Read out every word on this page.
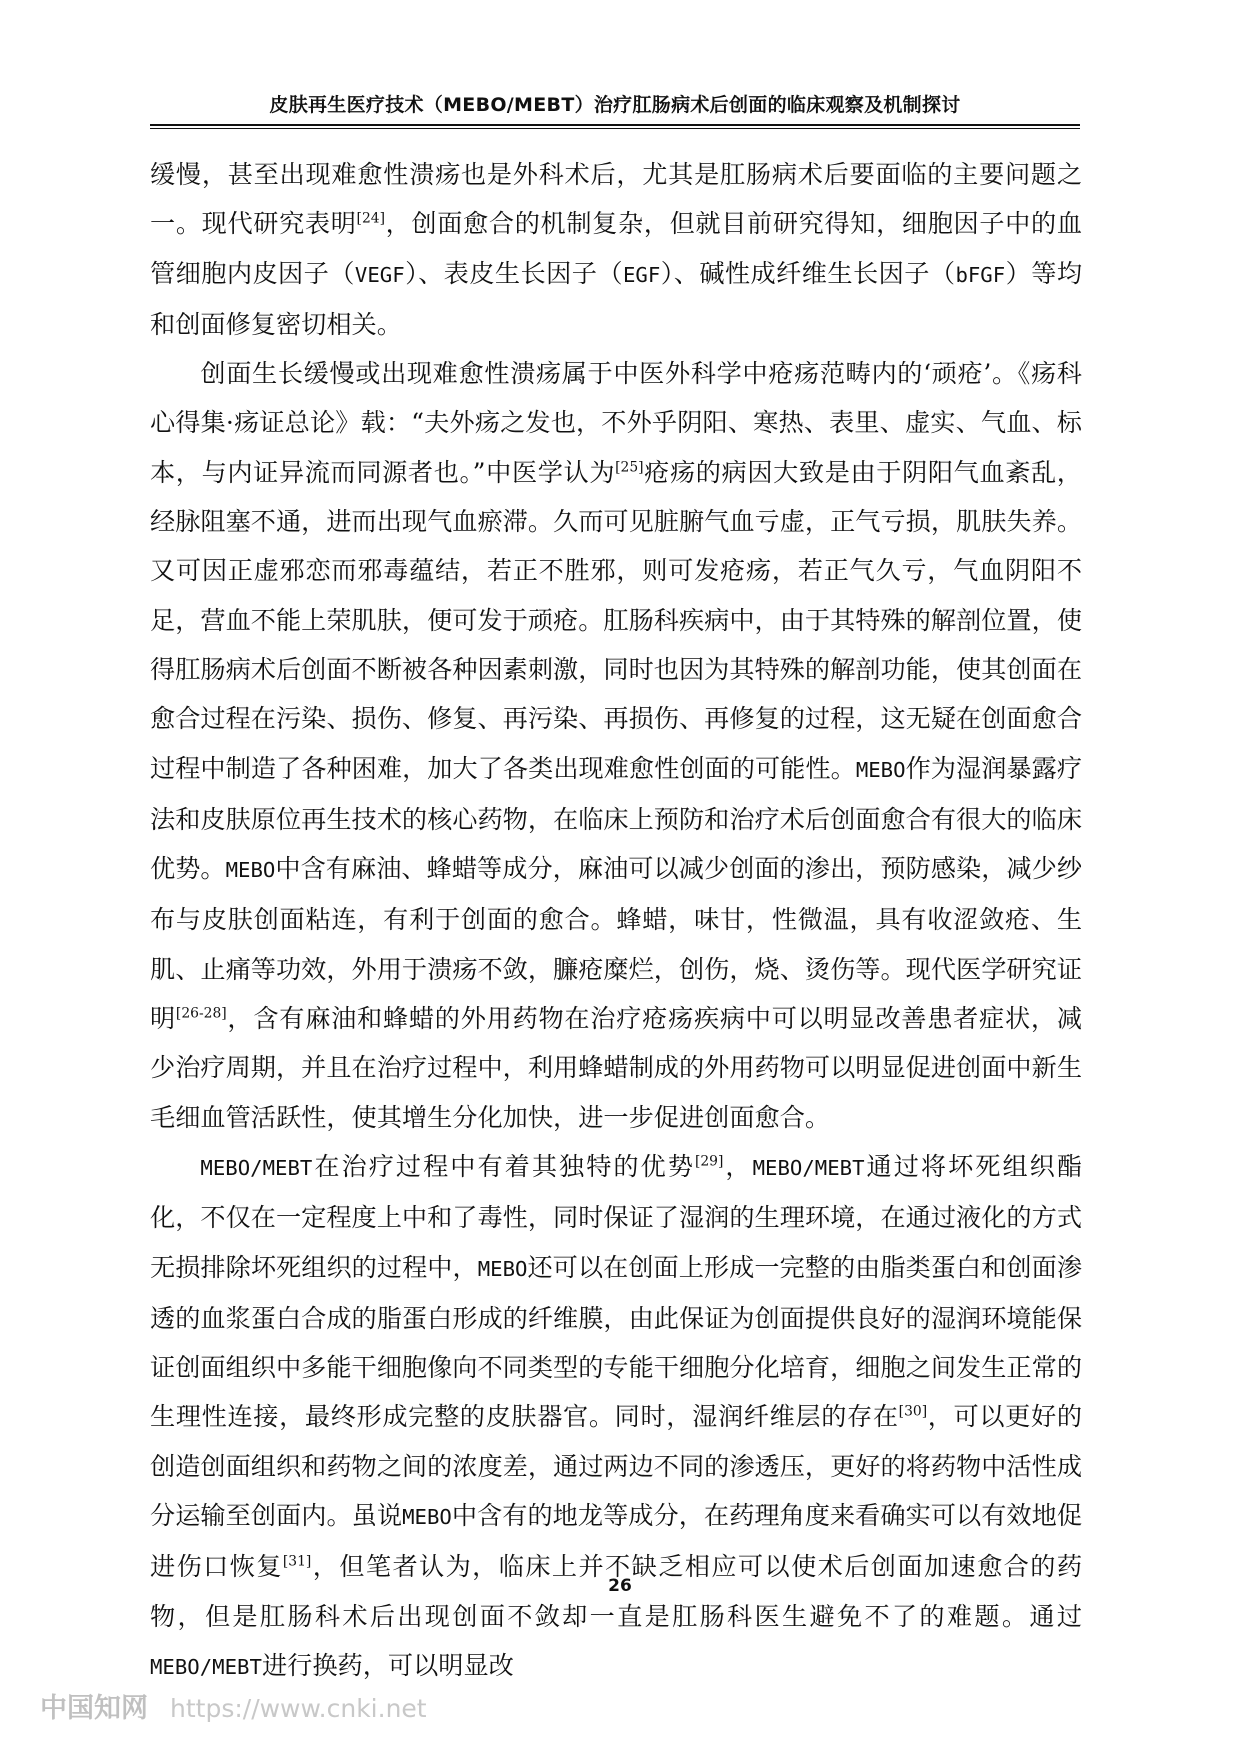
皮肤再生医疗技术（MEBO/MEBT）治疗肛肠病术后创面的临床观察及机制探讨

缓慢，甚至出现难愈性溃疡也是外科术后，尤其是肛肠病术后要面临的主要问题之一。现代研究表明[24]，创面愈合的机制复杂，但就目前研究得知，细胞因子中的血管细胞内皮因子（VEGF）、表皮生长因子（EGF）、碱性成纤维生长因子（bFGF）等均和创面修复密切相关。

创面生长缓慢或出现难愈性溃疡属于中医外科学中疮疡范畴内的‘顽疮’。《疡科心得集·疡证总论》载：“夫外疡之发也，不外乎阴阳、寒热、表里、虚实、气血、标本，与内证异流而同源者也。”中医学认为[25]疮疡的病因大致是由于阴阳气血紊乱，经脉阻塞不通，进而出现气血瘀滞。久而可见脏腑气血亏虚，正气亏损，肌肤失养。又可因正虚邪恋而邪毒蕴结，若正不胜邪，则可发疮疡，若正气久亏，气血阴阳不足，营血不能上荣肌肤，便可发于顽疮。肛肠科疾病中，由于其特殊的解剖位置，使得肛肠病术后创面不断被各种因素刺激，同时也因为其特殊的解剖功能，使其创面在愈合过程在污染、损伤、修复、再污染、再损伤、再修复的过程，这无疑在创面愈合过程中制造了各种困难，加大了各类出现难愈性创面的可能性。MEBO作为湿润暴露疗法和皮肤原位再生技术的核心药物，在临床上预防和治疗术后创面愈合有很大的临床优势。MEBO中含有麻油、蜂蜡等成分，麻油可以减少创面的渗出，预防感染，减少纱布与皮肤创面粘连，有利于创面的愈合。蜂蜡，味甘，性微温，具有收涩敛疮、生肌、止痛等功效，外用于溃疡不敛，臁疮糜烂，创伤，烧、烫伤等。现代医学研究证明[26-28]，含有麻油和蜂蜡的外用药物在治疗疮疡疾病中可以明显改善患者症状，减少治疗周期，并且在治疗过程中，利用蜂蜡制成的外用药物可以明显促进创面中新生毛细血管活跃性，使其增生分化加快，进一步促进创面愈合。

MEBO/MEBT在治疗过程中有着其独特的优势[29]，MEBO/MEBT通过将坏死组织酯化，不仅在一定程度上中和了毒性，同时保证了湿润的生理环境，在通过液化的方式无损排除坏死组织的过程中，MEBO还可以在创面上形成一完整的由脂类蛋白和创面渗透的血浆蛋白合成的脂蛋白形成的纤维膜，由此保证为创面提供良好的湿润环境能保证创面组织中多能干细胞像向不同类型的专能干细胞分化培育，细胞之间发生正常的生理性连接，最终形成完整的皮肤器官。同时，湿润纤维层的存在[30]，可以更好的创造创面组织和药物之间的浓度差，通过两边不同的渗透压，更好的将药物中活性成分运输至创面内。虽说MEBO中含有的地龙等成分，在药理角度来看确实可以有效地促进伤口恢复[31]，但笔者认为，临床上并不缺乏相应可以使术后创面加速愈合的药物，但是肛肠科术后出现创面不敛却一直是肛肠科医生避免不了的难题。通过MEBO/MEBT进行换药，可以明显改

26
中国知网 https://www.cnki.net
